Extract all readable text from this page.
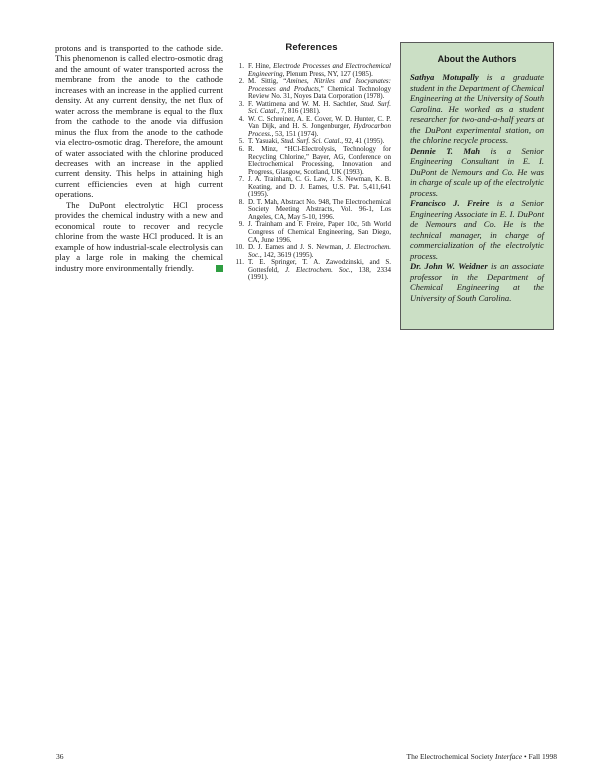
protons and is transported to the cathode side. This phenomenon is called electro-osmotic drag and the amount of water transported across the membrane from the anode to the cathode increases with an increase in the applied current density. At any current density, the net flux of water across the membrane is equal to the flux from the cathode to the anode via diffusion minus the flux from the anode to the cathode via electro-osmotic drag. Therefore, the amount of water associated with the chlorine produced decreases with an increase in the applied current density. This helps in attaining high current efficiencies even at high current operations.

The DuPont electrolytic HCl process provides the chemical industry with a new and economical route to recover and recycle chlorine from the waste HCl produced. It is an example of how industrial-scale electrolysis can play a large role in making the chemical industry more environmentally friendly.

References
1. F. Hine, Electrode Processes and Electrochemical Engineering, Plenum Press, NY, 127 (1985).
2. M. Sittig, “Amines, Nitriles and Isocyanates: Processes and Products,” Chemical Technology Review No. 31, Noyes Data Corporation (1978).
3. F. Wattimena and W. M. H. Sachtler, Stud. Surf. Sci. Catal., 7, 816 (1981).
4. W. C. Schreiner, A. E. Cover, W. D. Hunter, C. P. Van Dijk, and H. S. Jongenburger, Hydrocarbon Process., 53, 151 (1974).
5. T. Yasuaki, Stud. Surf. Sci. Catal., 92, 41 (1995).
6. R. Minz, “HCl-Electrolysis, Technology for Recycling Chlorine,” Bayer, AG, Conference on Electrochemical Processing, Innovation and Progress, Glasgow, Scotland, UK (1993).
7. J. A. Trainham, C. G. Law, J. S. Newman, K. B. Keating, and D. J. Eames, U.S. Pat. 5,411,641 (1995).
8. D. T. Mah, Abstract No. 948, The Electrochemical Society Meeting Abstracts, Vol. 96-1, Los Angeles, CA, May 5-10, 1996.
9. J. Trainham and F. Freire, Paper 10c, 5th World Congress of Chemical Engineering, San Diego, CA, June 1996.
10. D. J. Eames and J. S. Newman, J. Electrochem. Soc., 142, 3619 (1995).
11. T. E. Springer, T. A. Zawodzinski, and S. Gottesfeld, J. Electrochem. Soc., 138, 2334 (1991).
About the Authors

Sathya Motupally is a graduate student in the Department of Chemical Engineering at the University of South Carolina. He worked as a student researcher for two-and-a-half years at the DuPont experimental station, on the chlorine recycle process.

Dennie T. Mah is a Senior Engineering Consultant in E. I. DuPont de Nemours and Co. He was in charge of scale up of the electrolytic process.

Francisco J. Freire is a Senior Engineering Associate in E. I. DuPont de Nemours and Co. He is the technical manager, in charge of commercialization of the electrolytic process.

Dr. John W. Weidner is an associate professor in the Department of Chemical Engineering at the University of South Carolina.

36	The Electrochemical Society Interface • Fall 1998
